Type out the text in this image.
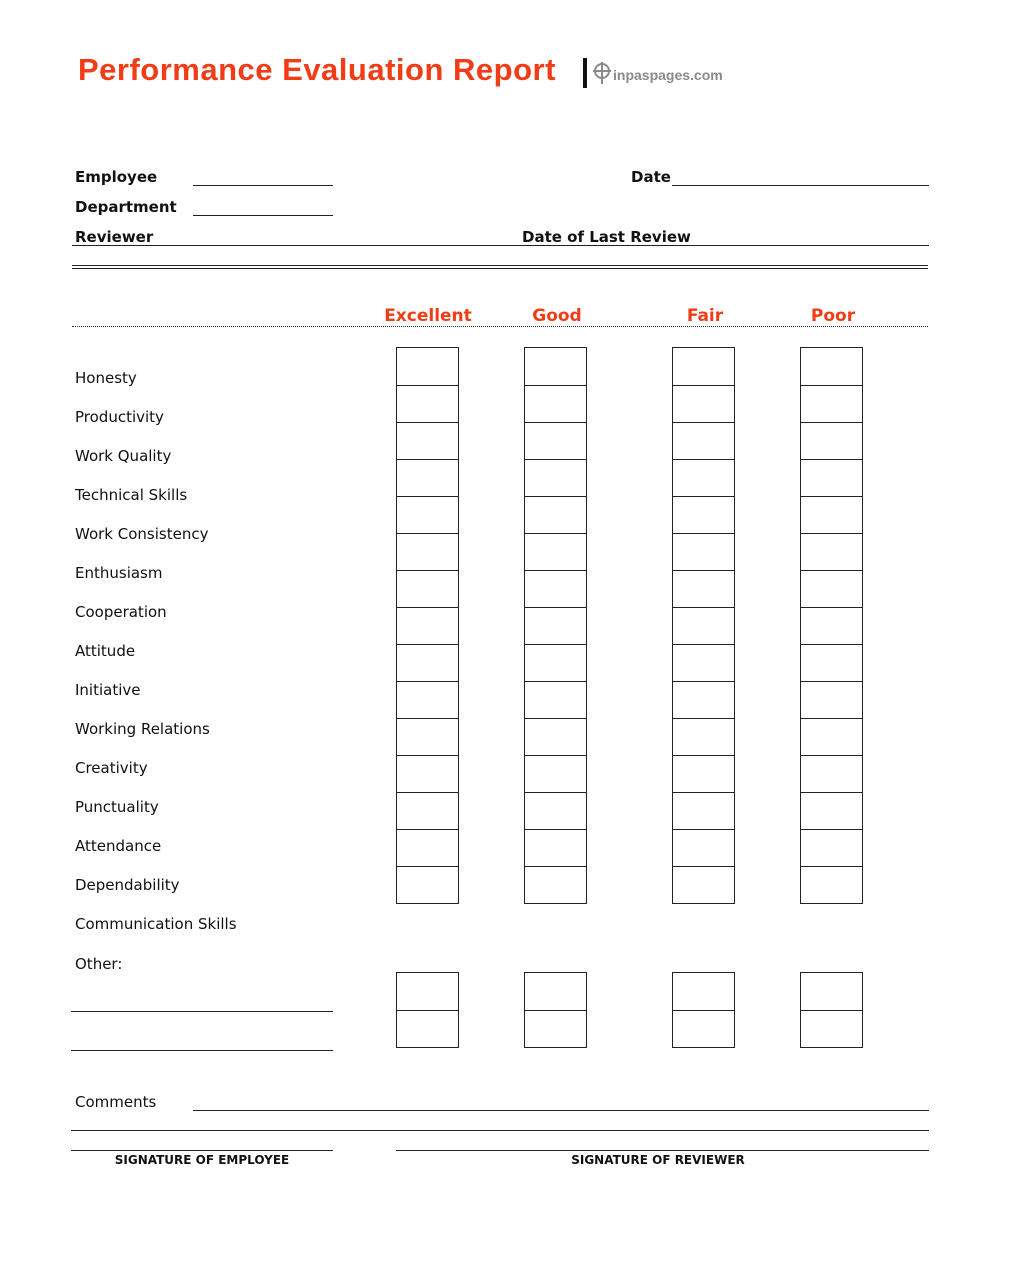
Performance Evaluation Report	inpaspages.com
Employee	Date
Department
Reviewer	Date of Last Review
Excellent	Good	Fair	Poor
Honesty
Productivity
Work Quality
Technical Skills
Work Consistency
Enthusiasm
Cooperation
Attitude
Initiative
Working Relations
Creativity
Punctuality
Attendance
Dependability
Communication Skills
Other:
Comments
SIGNATURE OF EMPLOYEE	SIGNATURE OF REVIEWER
